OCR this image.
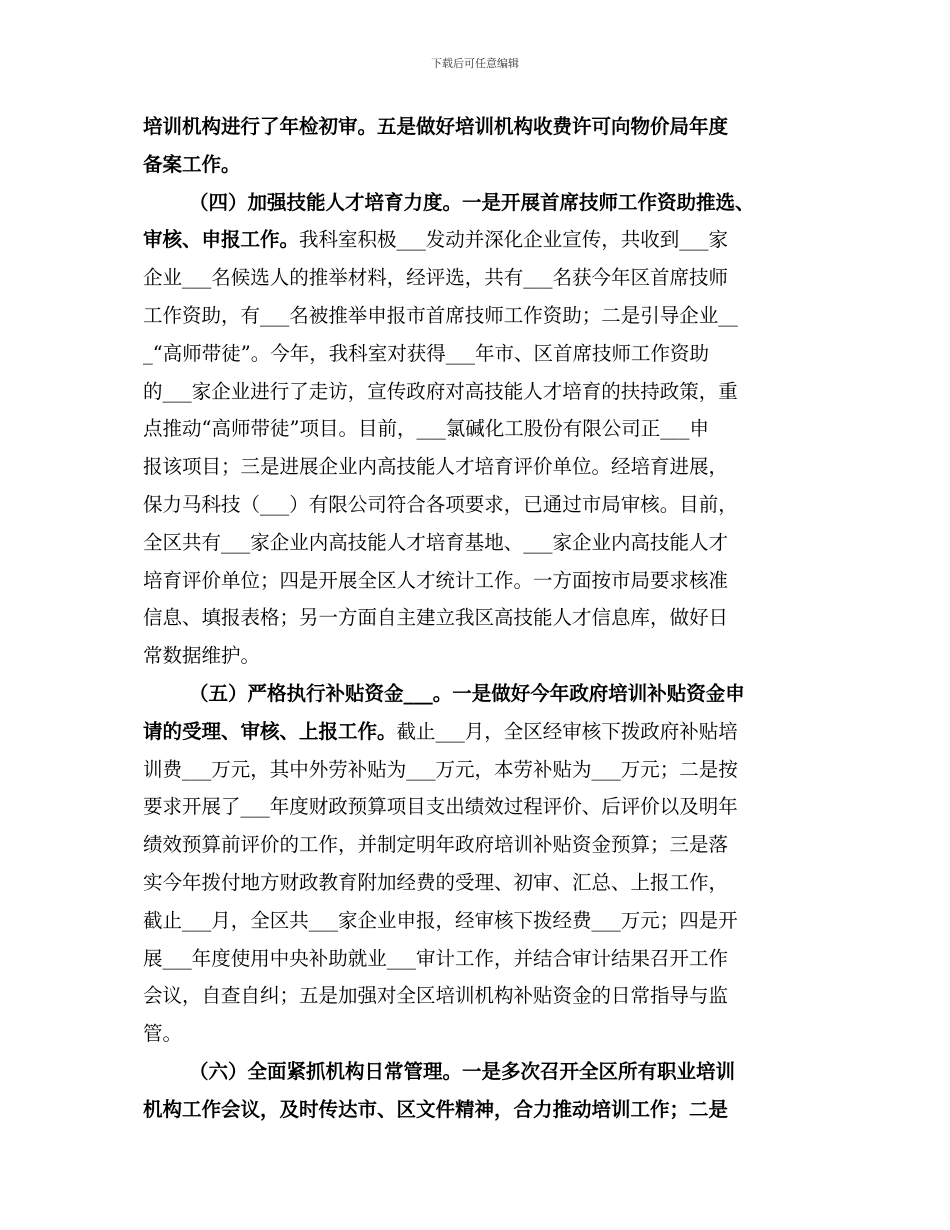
下载后可任意编辑
培训机构进行了年检初审。五是做好培训机构收费许可向物价局年度
备案工作。
（四）加强技能人才培育力度。一是开展首席技师工作资助推选、
审核、申报工作。我科室积极___发动并深化企业宣传，共收到___家
企业___名候选人的推举材料，经评选，共有___名获今年区首席技师
工作资助，有___名被推举申报市首席技师工作资助；二是引导企业__
_“高师带徒”。今年，我科室对获得___年市、区首席技师工作资助
的___家企业进行了走访，宣传政府对高技能人才培育的扶持政策，重
点推动“高师带徒”项目。目前，___氯碱化工股份有限公司正___申
报该项目；三是进展企业内高技能人才培育评价单位。经培育进展，
保力马科技（___）有限公司符合各项要求，已通过市局审核。目前，
全区共有___家企业内高技能人才培育基地、___家企业内高技能人才
培育评价单位；四是开展全区人才统计工作。一方面按市局要求核准
信息、填报表格；另一方面自主建立我区高技能人才信息库，做好日
常数据维护。
（五）严格执行补贴资金___。一是做好今年政府培训补贴资金申
请的受理、审核、上报工作。截止___月，全区经审核下拨政府补贴培
训费___万元，其中外劳补贴为___万元，本劳补贴为___万元；二是按
要求开展了___年度财政预算项目支出绩效过程评价、后评价以及明年
绩效预算前评价的工作，并制定明年政府培训补贴资金预算；三是落
实今年拨付地方财政教育附加经费的受理、初审、汇总、上报工作，
截止___月，全区共___家企业申报，经审核下拨经费___万元；四是开
展___年度使用中央补助就业___审计工作，并结合审计结果召开工作
会议，自查自纠；五是加强对全区培训机构补贴资金的日常指导与监
管。
（六）全面紧抓机构日常管理。一是多次召开全区所有职业培训
机构工作会议，及时传达市、区文件精神，合力推动培训工作；二是
